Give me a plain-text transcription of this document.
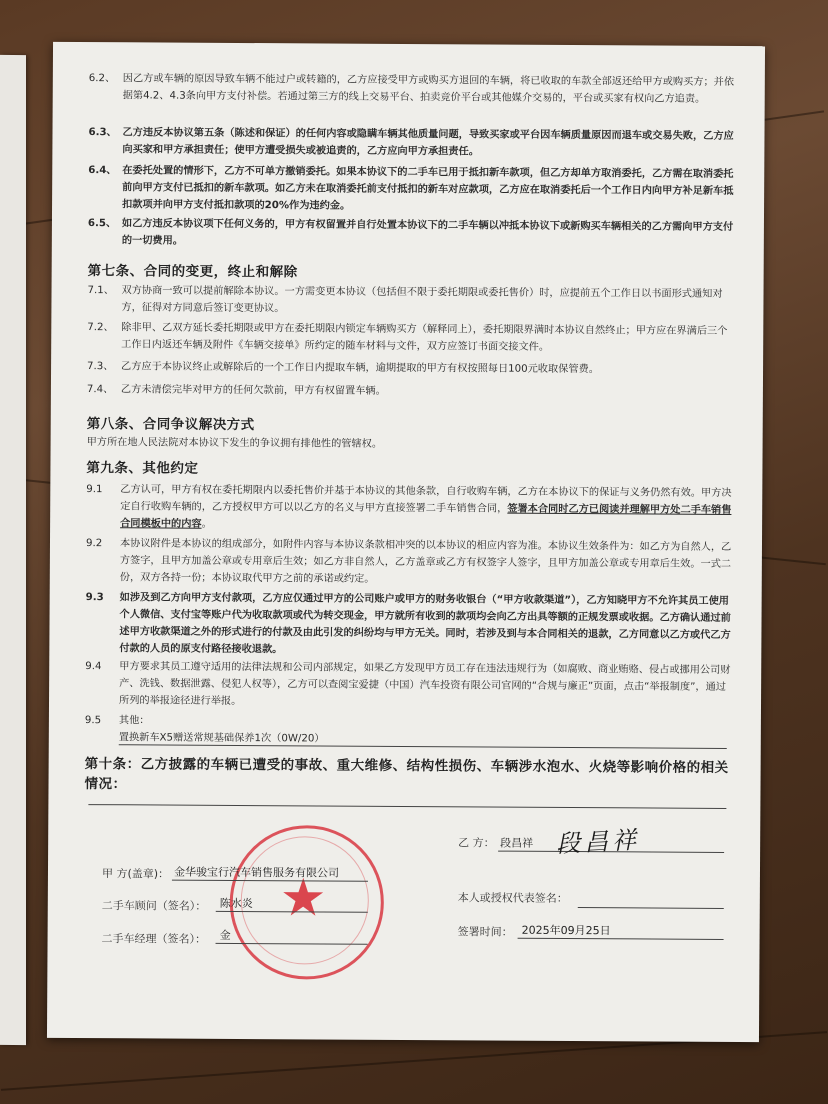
6.2、 因乙方或车辆的原因导致车辆不能过户或转籍的，乙方应接受甲方或购买方退回的车辆，将已收取的车款全部返还给甲方或购买方；并依据第4.2、4.3条向甲方支付补偿。若通过第三方的线上交易平台、拍卖竞价平台或其他媒介交易的，平台或买家有权向乙方追责。
6.3、 乙方违反本协议第五条（陈述和保证）的任何内容或隐瞒车辆其他质量问题，导致买家或平台因车辆质量原因而退车或交易失败，乙方应向买家和甲方承担责任；使甲方遭受损失或被追责的，乙方应向甲方承担责任。
6.4、 在委托处置的情形下，乙方不可单方撤销委托。如果本协议下的二手车已用于抵扣新车款项，但乙方却单方取消委托，乙方需在取消委托前向甲方支付已抵扣的新车款项。如乙方未在取消委托前支付抵扣的新车对应款项，乙方应在取消委托后一个工作日内向甲方补足新车抵扣款项并向甲方支付抵扣款项的20%作为违约金。
6.5、 如乙方违反本协议项下任何义务的，甲方有权留置并自行处置本协议下的二手车辆以冲抵本协议下或新购买车辆相关的乙方需向甲方支付的一切费用。
第七条、合同的变更，终止和解除
7.1、 双方协商一致可以提前解除本协议。一方需变更本协议（包括但不限于委托期限或委托售价）时，应提前五个工作日以书面形式通知对方，征得对方同意后签订变更协议。
7.2、 除非甲、乙双方延长委托期限或甲方在委托期限内锁定车辆购买方（解释同上），委托期限界满时本协议自然终止；甲方应在界满后三个工作日内返还车辆及附件《车辆交接单》所约定的随车材料与文件，双方应签订书面交接文件。
7.3、 乙方应于本协议终止或解除后的一个工作日内提取车辆，逾期提取的甲方有权按照每日100元收取保管费。
7.4、 乙方未清偿完毕对甲方的任何欠款前，甲方有权留置车辆。
第八条、合同争议解决方式
甲方所在地人民法院对本协议下发生的争议拥有排他性的管辖权。
第九条、其他约定
9.1	乙方认可，甲方有权在委托期限内以委托售价并基于本协议的其他条款，自行收购车辆，乙方在本协议下的保证与义务仍然有效。甲方决定自行收购车辆的，乙方授权甲方可以以乙方的名义与甲方直接签署二手车销售合同，签署本合同时乙方已阅读并理解甲方处二手车销售合同模板中的内容。
9.2	本协议附件是本协议的组成部分，如附件内容与本协议条款相冲突的以本协议的相应内容为准。本协议生效条件为：如乙方为自然人，乙方签字，且甲方加盖公章或专用章后生效；如乙方非自然人，乙方盖章或乙方有权签字人签字，且甲方加盖公章或专用章后生效。一式二份，双方各持一份；本协议取代甲方之前的承诺或约定。
9.3	如涉及到乙方向甲方支付款项，乙方应仅通过甲方的公司账户或甲方的财务收银台（“甲方收款渠道”），乙方知晓甲方不允许其员工使用个人微信、支付宝等账户代为收取款项或代为转交现金，甲方就所有收到的款项均会向乙方出具等额的正规发票或收据。乙方确认通过前述甲方收款渠道之外的形式进行的付款及由此引发的纠纷均与甲方无关。同时，若涉及到与本合同相关的退款，乙方同意以乙方或代乙方付款的人员的原支付路径接收退款。
9.4	甲方要求其员工遵守适用的法律法规和公司内部规定，如果乙方发现甲方员工存在违法违规行为（如腐败、商业贿赂、侵占或挪用公司财产、洗钱、数据泄露、侵犯人权等），乙方可以查阅宝爱捷（中国）汽车投资有限公司官网的“合规与廉正”页面，点击“举报制度”，通过所列的举报途径进行举报。
9.5	其他：
置换新车X5赠送常规基础保养1次（0W/20）
第十条：乙方披露的车辆已遭受的事故、重大维修、结构性损伤、车辆涉水泡水、火烧等影响价格的相关
情况：
★
甲 方(盖章)： 金华骏宝行汽车销售服务有限公司
二手车顾问（签名）： 陈水炎
二手车经理（签名）： 金
乙 方： 段昌祥
本人或授权代表签名：
签署时间： 2025年09月25日
段昌祥
